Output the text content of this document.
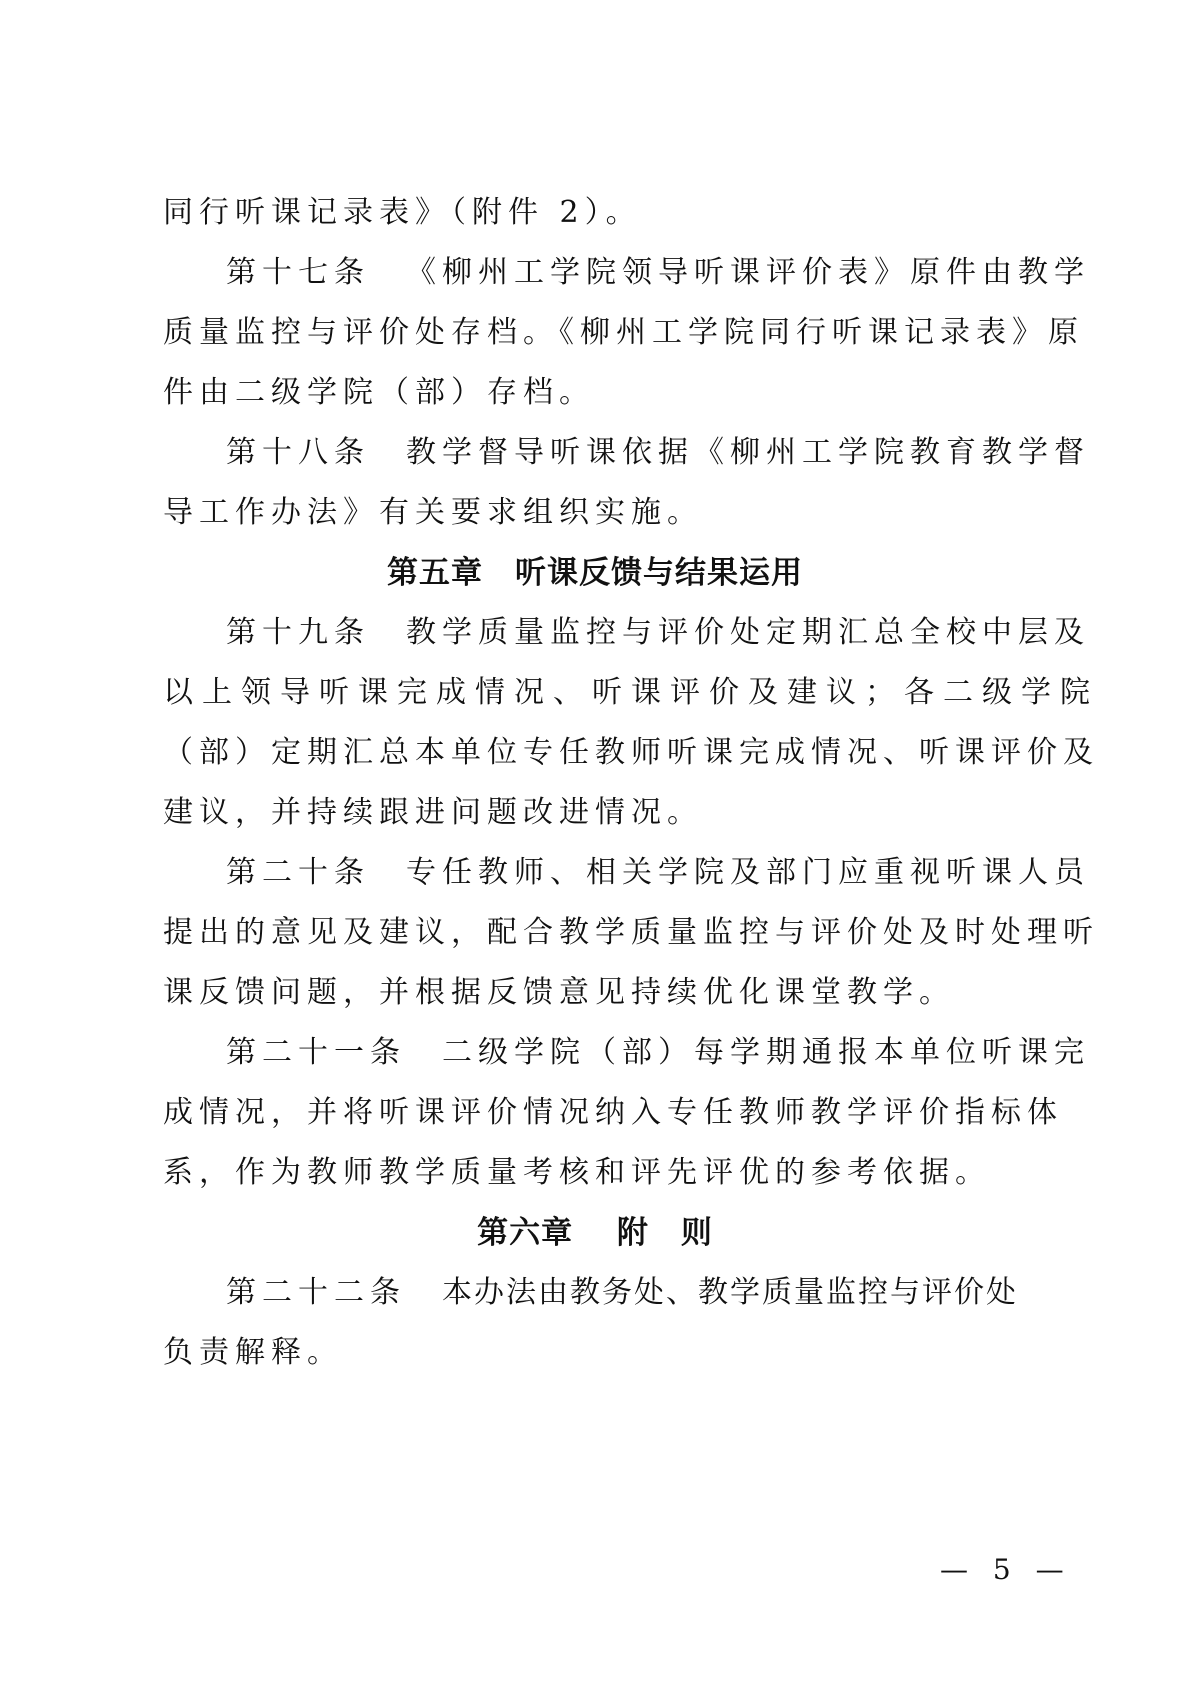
同行听课记录表》（附件 2）。
第十七条 《柳州工学院领导听课评价表》原件由教学
质量监控与评价处存档。《柳州工学院同行听课记录表》原
件由二级学院（部）存档。
第十八条 教学督导听课依据《柳州工学院教育教学督
导工作办法》有关要求组织实施。
第五章　听课反馈与结果运用
第十九条 教学质量监控与评价处定期汇总全校中层及
以上领导听课完成情况、听课评价及建议；各二级学院
（部）定期汇总本单位专任教师听课完成情况、听课评价及
建议，并持续跟进问题改进情况。
第二十条 专任教师、相关学院及部门应重视听课人员
提出的意见及建议，配合教学质量监控与评价处及时处理听
课反馈问题，并根据反馈意见持续优化课堂教学。
第二十一条 二级学院（部）每学期通报本单位听课完
成情况，并将听课评价情况纳入专任教师教学评价指标体
系，作为教师教学质量考核和评先评优的参考依据。
第六章　 附　则
第二十二条 本办法由教务处、教学质量监控与评价处
负责解释。
— 5 —
